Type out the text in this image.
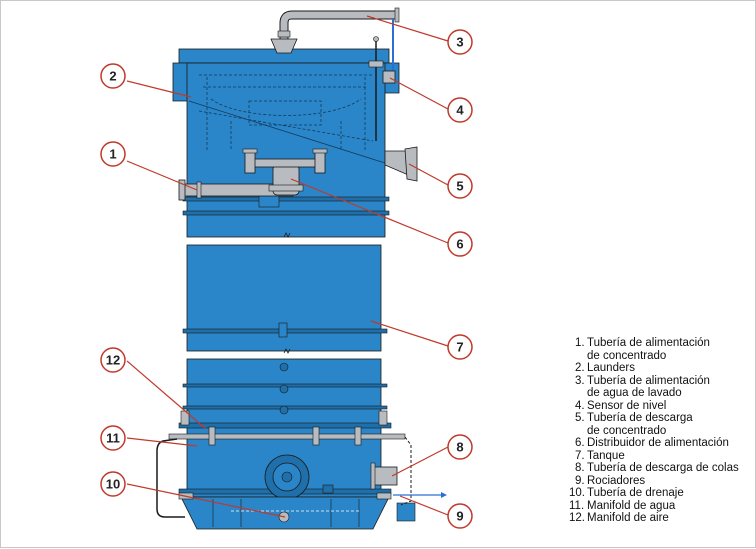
1
2
3
4
5
6
7
8
9
10
11
12
1. Tubería de alimentación
de concentrado
2. Launders
3. Tubería de alimentación
de agua de lavado
4. Sensor de nivel
5. Tubería de descarga
de concentrado
6. Distribuidor de alimentación
7. Tanque
8. Tubería de descarga de colas
9. Rociadores
10. Tubería de drenaje
11. Manifold de agua
12. Manifold de aire
